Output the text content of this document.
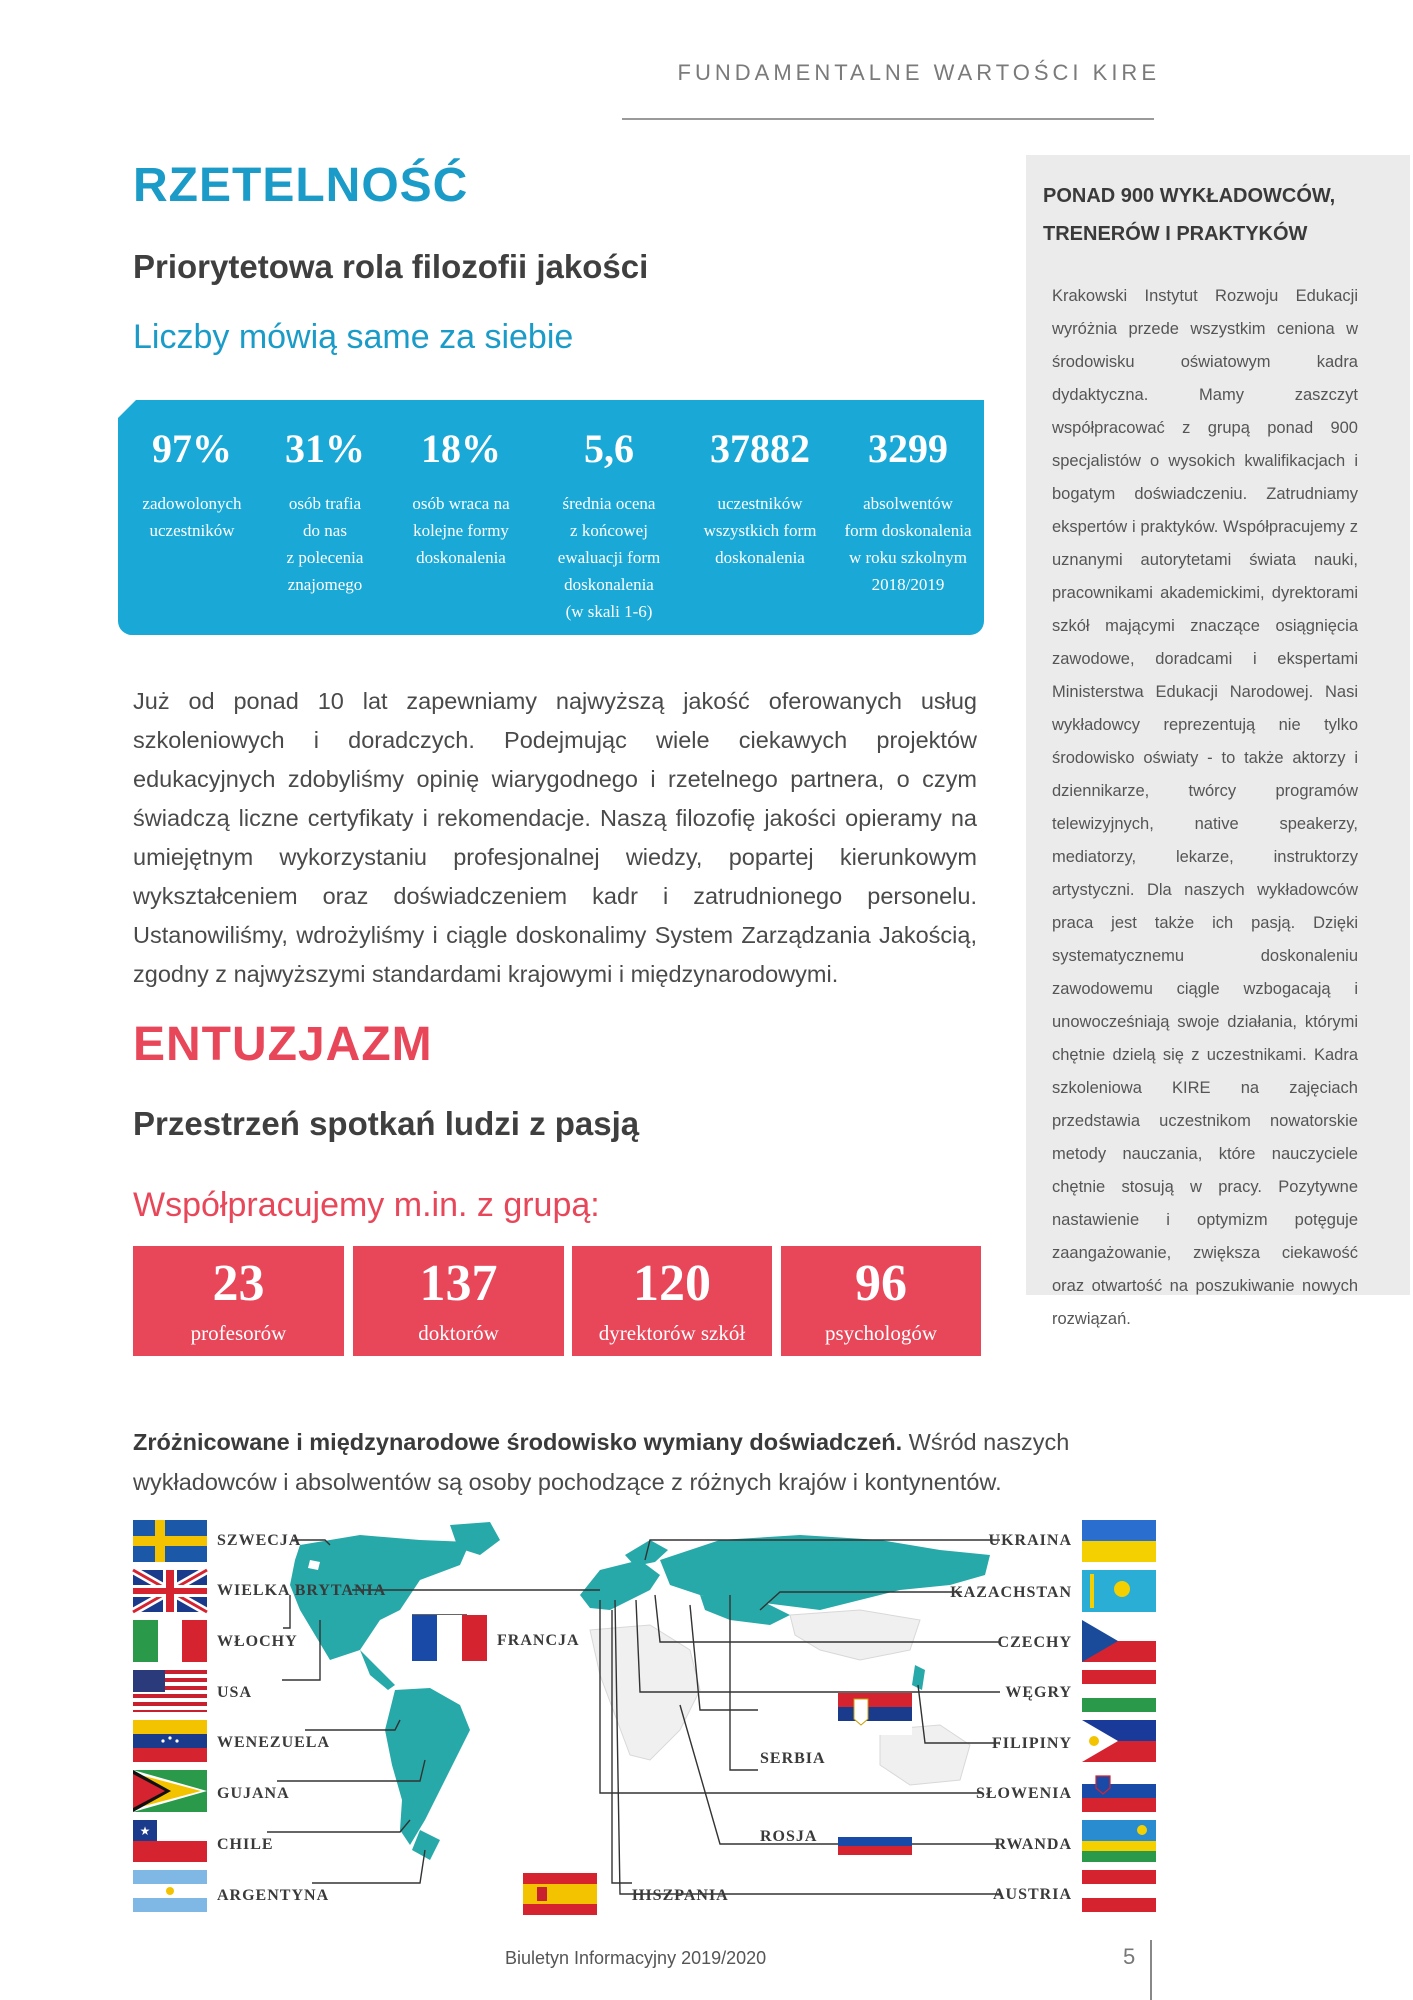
FUNDAMENTALNE WARTOŚCI KIRE
RZETELNOŚĆ
Priorytetowa rola filozofii jakości
Liczby mówią same za siebie
97%
zadowolonych
uczestników
31%
osób trafia
do nas
z polecenia
znajomego
18%
osób wraca na
kolejne formy
doskonalenia
5,6
średnia ocena
z końcowej
ewaluacji form
doskonalenia
(w skali 1-6)
37882
uczestników
wszystkich form
doskonalenia
3299
absolwentów
form doskonalenia
w roku szkolnym
2018/2019
Już od ponad 10 lat zapewniamy najwyższą jakość oferowanych usług szkoleniowych i doradczych. Podejmując wiele ciekawych projektów edukacyjnych zdobyliśmy opinię wiarygodnego i rzetelnego partnera, o czym świadczą liczne certyfikaty i rekomendacje. Naszą filozofię jakości opieramy na umiejętnym wykorzystaniu profesjonalnej wiedzy, popartej kierunkowym wykształceniem oraz doświadczeniem kadr i zatrudnionego personelu. Ustanowiliśmy, wdrożyliśmy i ciągle doskonalimy System Zarządzania Jakością, zgodny z najwyższymi standardami krajowymi i międzynarodowymi.
PONAD 900 WYKŁADOWCÓW,
TRENERÓW I PRAKTYKÓW
Krakowski Instytut Rozwoju Edukacji wyróżnia przede wszystkim ceniona w środowisku oświatowym kadra dydaktyczna. Mamy zaszczyt współpracować z grupą ponad 900 specjalistów o wysokich kwalifikacjach i bogatym doświadczeniu. Zatrudniamy ekspertów i praktyków. Współpracujemy z uznanymi autorytetami świata nauki, pracownikami akademickimi, dyrektorami szkół mającymi znaczące osiągnięcia zawodowe, doradcami i ekspertami Ministerstwa Edukacji Narodowej. Nasi wykładowcy reprezentują nie tylko środowisko oświaty - to także aktorzy i dziennikarze, twórcy programów telewizyjnych, native speakerzy, mediatorzy, lekarze, instruktorzy artystyczni. Dla naszych wykładowców praca jest także ich pasją. Dzięki systematycznemu doskonaleniu zawodowemu ciągle wzbogacają i unowocześniają swoje działania, którymi chętnie dzielą się z uczestnikami. Kadra szkoleniowa KIRE na zajęciach przedstawia uczestnikom nowatorskie metody nauczania, które nauczyciele chętnie stosują w pracy. Pozytywne nastawienie i optymizm potęguje zaangażowanie, zwiększa ciekawość oraz otwartość na poszukiwanie nowych rozwiązań.
ENTUZJAZM
Przestrzeń spotkań ludzi z pasją
Współpracujemy m.in. z grupą:
23
profesorów
137
doktorów
120
dyrektorów szkół
96
psychologów
Zróżnicowane i międzynarodowe środowisko wymiany doświadczeń. Wśród naszych wykładowców i absolwentów są osoby pochodzące z różnych krajów i kontynentów.
★
SZWECJA
WIELKA BRYTANIA
WŁOCHY
USA
WENEZUELA
GUJANA
CHILE
ARGENTYNA
UKRAINA
KAZACHSTAN
CZECHY
WĘGRY
FILIPINY
SŁOWENIA
RWANDA
AUSTRIA
FRANCJA
SERBIA
ROSJA
HISZPANIA
Biuletyn Informacyjny 2019/2020	5
